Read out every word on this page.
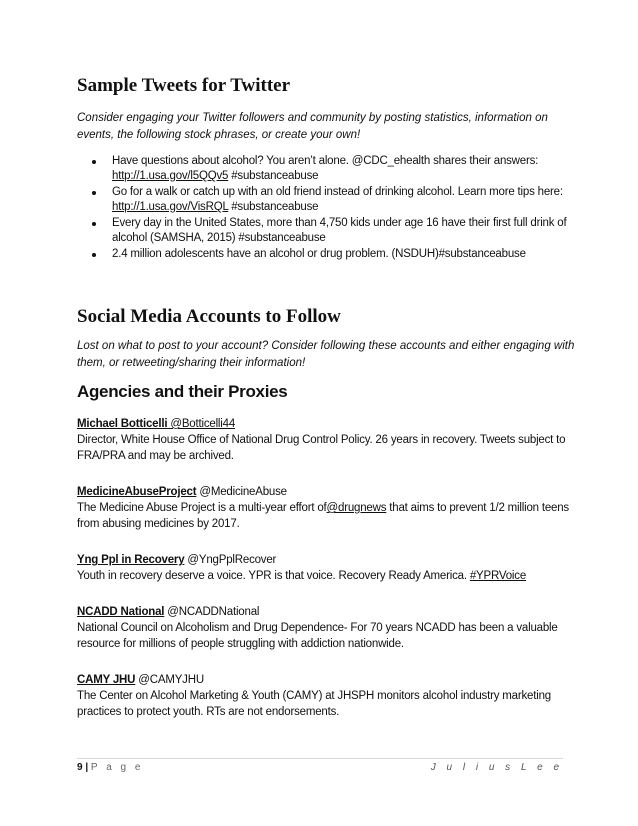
Sample Tweets for Twitter

Consider engaging your Twitter followers and community by posting statistics, information on events, the following stock phrases, or create your own!

Have questions about alcohol? You aren’t alone. @CDC_ehealth shares their answers: http://1.usa.gov/l5QQv5 #substanceabuse
Go for a walk or catch up with an old friend instead of drinking alcohol. Learn more tips here: http://1.usa.gov/VisRQL #substanceabuse
Every day in the United States, more than 4,750 kids under age 16 have their first full drink of alcohol (SAMSHA, 2015) #substanceabuse
2.4 million adolescents have an alcohol or drug problem. (NSDUH)#substanceabuse
Social Media Accounts to Follow

Lost on what to post to your account? Consider following these accounts and either engaging with them, or retweeting/sharing their information!

Agencies and their Proxies
Michael Botticelli @Botticelli44
Director, White House Office of National Drug Control Policy. 26 years in recovery. Tweets subject to FRA/PRA and may be archived.
MedicineAbuseProject @MedicineAbuse
The Medicine Abuse Project is a multi-year effort of@drugnews that aims to prevent 1/2 million teens from abusing medicines by 2017.
Yng Ppl in Recovery @YngPplRecover
Youth in recovery deserve a voice. YPR is that voice. Recovery Ready America. #YPRVoice
NCADD National @NCADDNational
National Council on Alcoholism and Drug Dependence- For 70 years NCADD has been a valuable resource for millions of people struggling with addiction nationwide.
CAMY JHU @CAMYJHU
The Center on Alcohol Marketing & Youth (CAMY) at JHSPH monitors alcohol industry marketing practices to protect youth. RTs are not endorsements.
9 | P a g e	J u l i u s L e e
